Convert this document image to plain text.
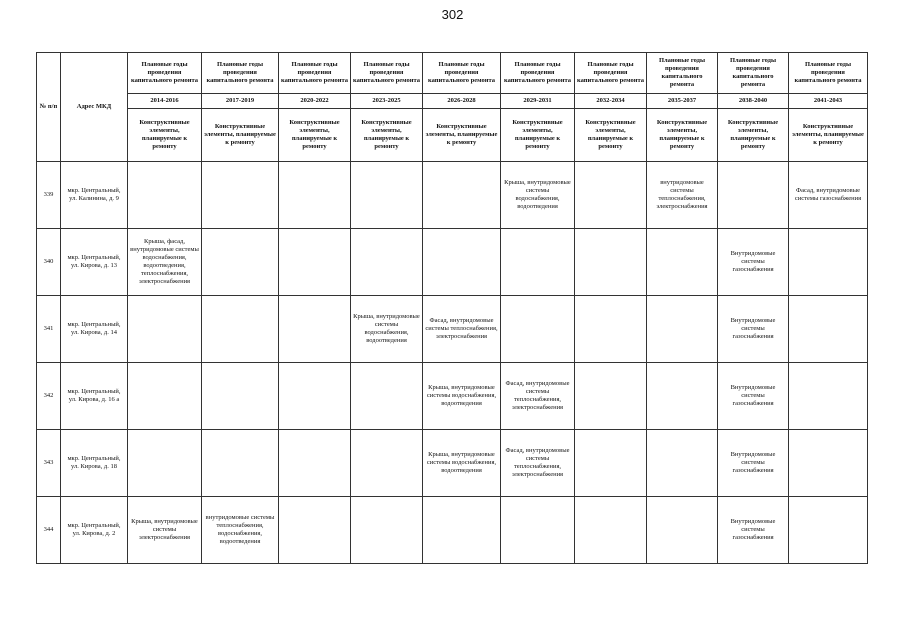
302
№ п/п	Адрес МКД	Плановые годы проведения капитального ремонта	Плановые годы проведения капитального ремонта	Плановые годы проведения капитального ремонта	Плановые годы проведения капитального ремонта	Плановые годы проведения капитального ремонта	Плановые годы проведения капитального ремонта	Плановые годы проведения капитального ремонта	Плановые годы проведения капитального ремонта	Плановые годы проведения капитального ремонта	Плановые годы проведения капитального ремонта
		2014-2016	2017-2019	2020-2022	2023-2025	2026-2028	2029-2031	2032-2034	2035-2037	2038-2040	2041-2043
		Конструктивные элементы, планируемые к ремонту	Конструктивные элементы, планируемые к ремонту	Конструктивные элементы, планируемые к ремонту	Конструктивные элементы, планируемые к ремонту	Конструктивные элементы, планируемые к ремонту	Конструктивные элементы, планируемые к ремонту	Конструктивные элементы, планируемые к ремонту	Конструктивные элементы, планируемые к ремонту	Конструктивные элементы, планируемые к ремонту	Конструктивные элементы, планируемые к ремонту
339	мкр. Центральный, ул. Калинина, д. 9						Крыша, внутридомовые системы водоснабжения, водоотведения		внутридомовые системы теплоснабжения, электроснабжения		Фасад, внутридомовые системы газоснабжения
340	мкр. Центральный, ул. Кирова, д. 13	Крыша, фасад, внутридомовые системы водоснабжения, водоотведения, теплоснабжения, электроснабжения								Внутридомовые системы газоснабжения	
341	мкр. Центральный, ул. Кирова, д. 14				Крыша, внутридомовые системы водоснабжения, водоотведения	Фасад, внутридомовые системы теплоснабжения, электроснабжения				Внутридомовые системы газоснабжения	
342	мкр. Центральный, ул. Кирова, д. 16 а					Крыша, внутридомовые системы водоснабжения, водоотведения	Фасад, внутридомовые системы теплоснабжения, электроснабжения			Внутридомовые системы газоснабжения	
343	мкр. Центральный, ул. Кирова, д. 18					Крыша, внутридомовые системы водоснабжения, водоотведения	Фасад, внутридомовые системы теплоснабжения, электроснабжения			Внутридомовые системы газоснабжения	
344	мкр. Центральный, ул. Кирова, д. 2	Крыша, внутридомовые системы электроснабжения	внутридомовые системы теплоснабжения, водоснабжения, водоотведения							Внутридомовые системы газоснабжения	
